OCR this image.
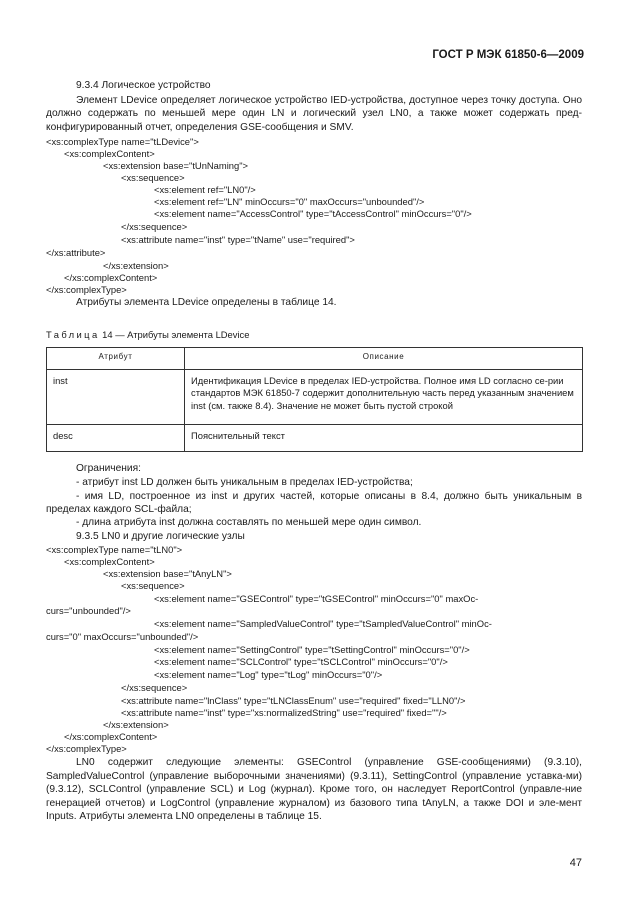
ГОСТ Р МЭК 61850-6—2009
9.3.4 Логическое устройство
Элемент LDevice определяет логическое устройство IED-устройства, доступное через точку доступа. Оно должно содержать по меньшей мере один LN и логический узел LN0, а также может содержать пред-конфигурированный отчет, определения GSE-сообщения и SMV.
<xs:complexType name="tLDevice">
<xs:complexContent>
<xs:extension base="tUnNaming">
<xs:sequence>
<xs:element ref="LN0"/>
<xs:element ref="LN" minOccurs="0" maxOccurs="unbounded"/>
<xs:element name="AccessControl" type="tAccessControl" minOccurs="0"/>
</xs:sequence>
<xs:attribute name="inst" type="tName" use="required">
</xs:attribute>
</xs:extension>
</xs:complexContent>
</xs:complexType>
Атрибуты элемента LDevice определены в таблице 14.
Таблица 14 — Атрибуты элемента LDevice
Атрибут	Описание
inst	Идентификация LDevice в пределах IED-устройства. Полное имя LD согласно се-рии стандартов МЭК 61850-7 содержит дополнительную часть перед указанным значением inst (см. также 8.4). Значение не может быть пустой строкой
desc	Пояснительный текст
Ограничения:
- атрибут inst LD должен быть уникальным в пределах IED-устройства;
- имя LD, построенное из inst и других частей, которые описаны в 8.4, должно быть уникальным в пределах каждого SCL-файла;
- длина атрибута inst должна составлять по меньшей мере один символ.
9.3.5 LN0 и другие логические узлы
<xs:complexType name="tLN0">
<xs:complexContent>
<xs:extension base="tAnyLN">
<xs:sequence>
<xs:element name="GSEControl" type="tGSEControl" minOccurs="0" maxOc-
curs="unbounded"/>
<xs:element name="SampledValueControl" type="tSampledValueControl" minOc-
curs="0" maxOccurs="unbounded"/>
<xs:element name="SettingControl" type="tSettingControl" minOccurs="0"/>
<xs:element name="SCLControl" type="tSCLControl" minOccurs="0"/>
<xs:element name="Log" type="tLog" minOccurs="0"/>
</xs:sequence>
<xs:attribute name="lnClass" type="tLNClassEnum" use="required" fixed="LLN0"/>
<xs:attribute name="inst" type="xs:normalizedString" use="required" fixed=""/>
</xs:extension>
</xs:complexContent>
</xs:complexType>
LN0 содержит следующие элементы: GSEControl (управление GSE-сообщениями) (9.3.10), SampledValueControl (управление выборочными значениями) (9.3.11), SettingControl (управление уставка-ми) (9.3.12), SCLControl (управление SCL) и Log (журнал). Кроме того, он наследует ReportControl (управле-ние генерацией отчетов) и LogControl (управление журналом) из базового типа tAnyLN, а также DOI и эле-мент Inputs. Атрибуты элемента LN0 определены в таблице 15.
47
